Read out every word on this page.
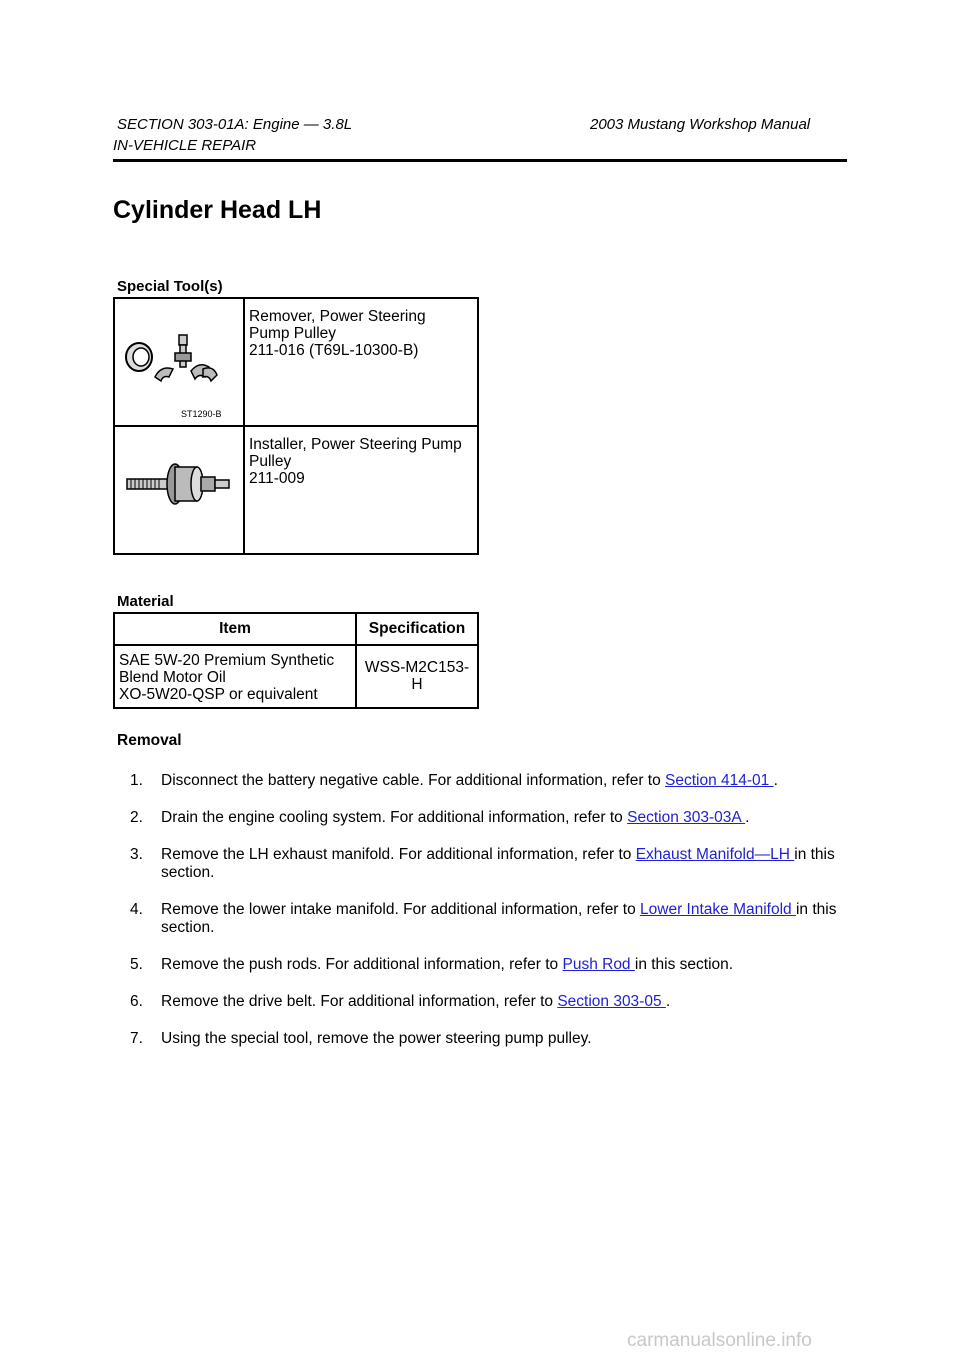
SECTION 303-01A: Engine — 3.8L	2003 Mustang Workshop Manual
IN-VEHICLE REPAIR
Cylinder Head LH
Special Tool(s)
ST1290-B	Remover, Power Steering
Pump Pulley
211-016 (T69L-10300-B)

Installer, Power Steering Pump
Pulley
211-009
Material
Item	Specification

SAE 5W-20 Premium Synthetic
Blend Motor Oil
XO-5W20-QSP or equivalent	WSS-M2C153-
H
Removal
1. Disconnect the battery negative cable. For additional information, refer to Section 414-01 .
2. Drain the engine cooling system. For additional information, refer to Section 303-03A .
3. Remove the LH exhaust manifold. For additional information, refer to Exhaust Manifold—LH in this section.
4. Remove the lower intake manifold. For additional information, refer to Lower Intake Manifold in this section.
5. Remove the push rods. For additional information, refer to Push Rod in this section.
6. Remove the drive belt. For additional information, refer to Section 303-05 .
7. Using the special tool, remove the power steering pump pulley.
carmanualsonline.info
